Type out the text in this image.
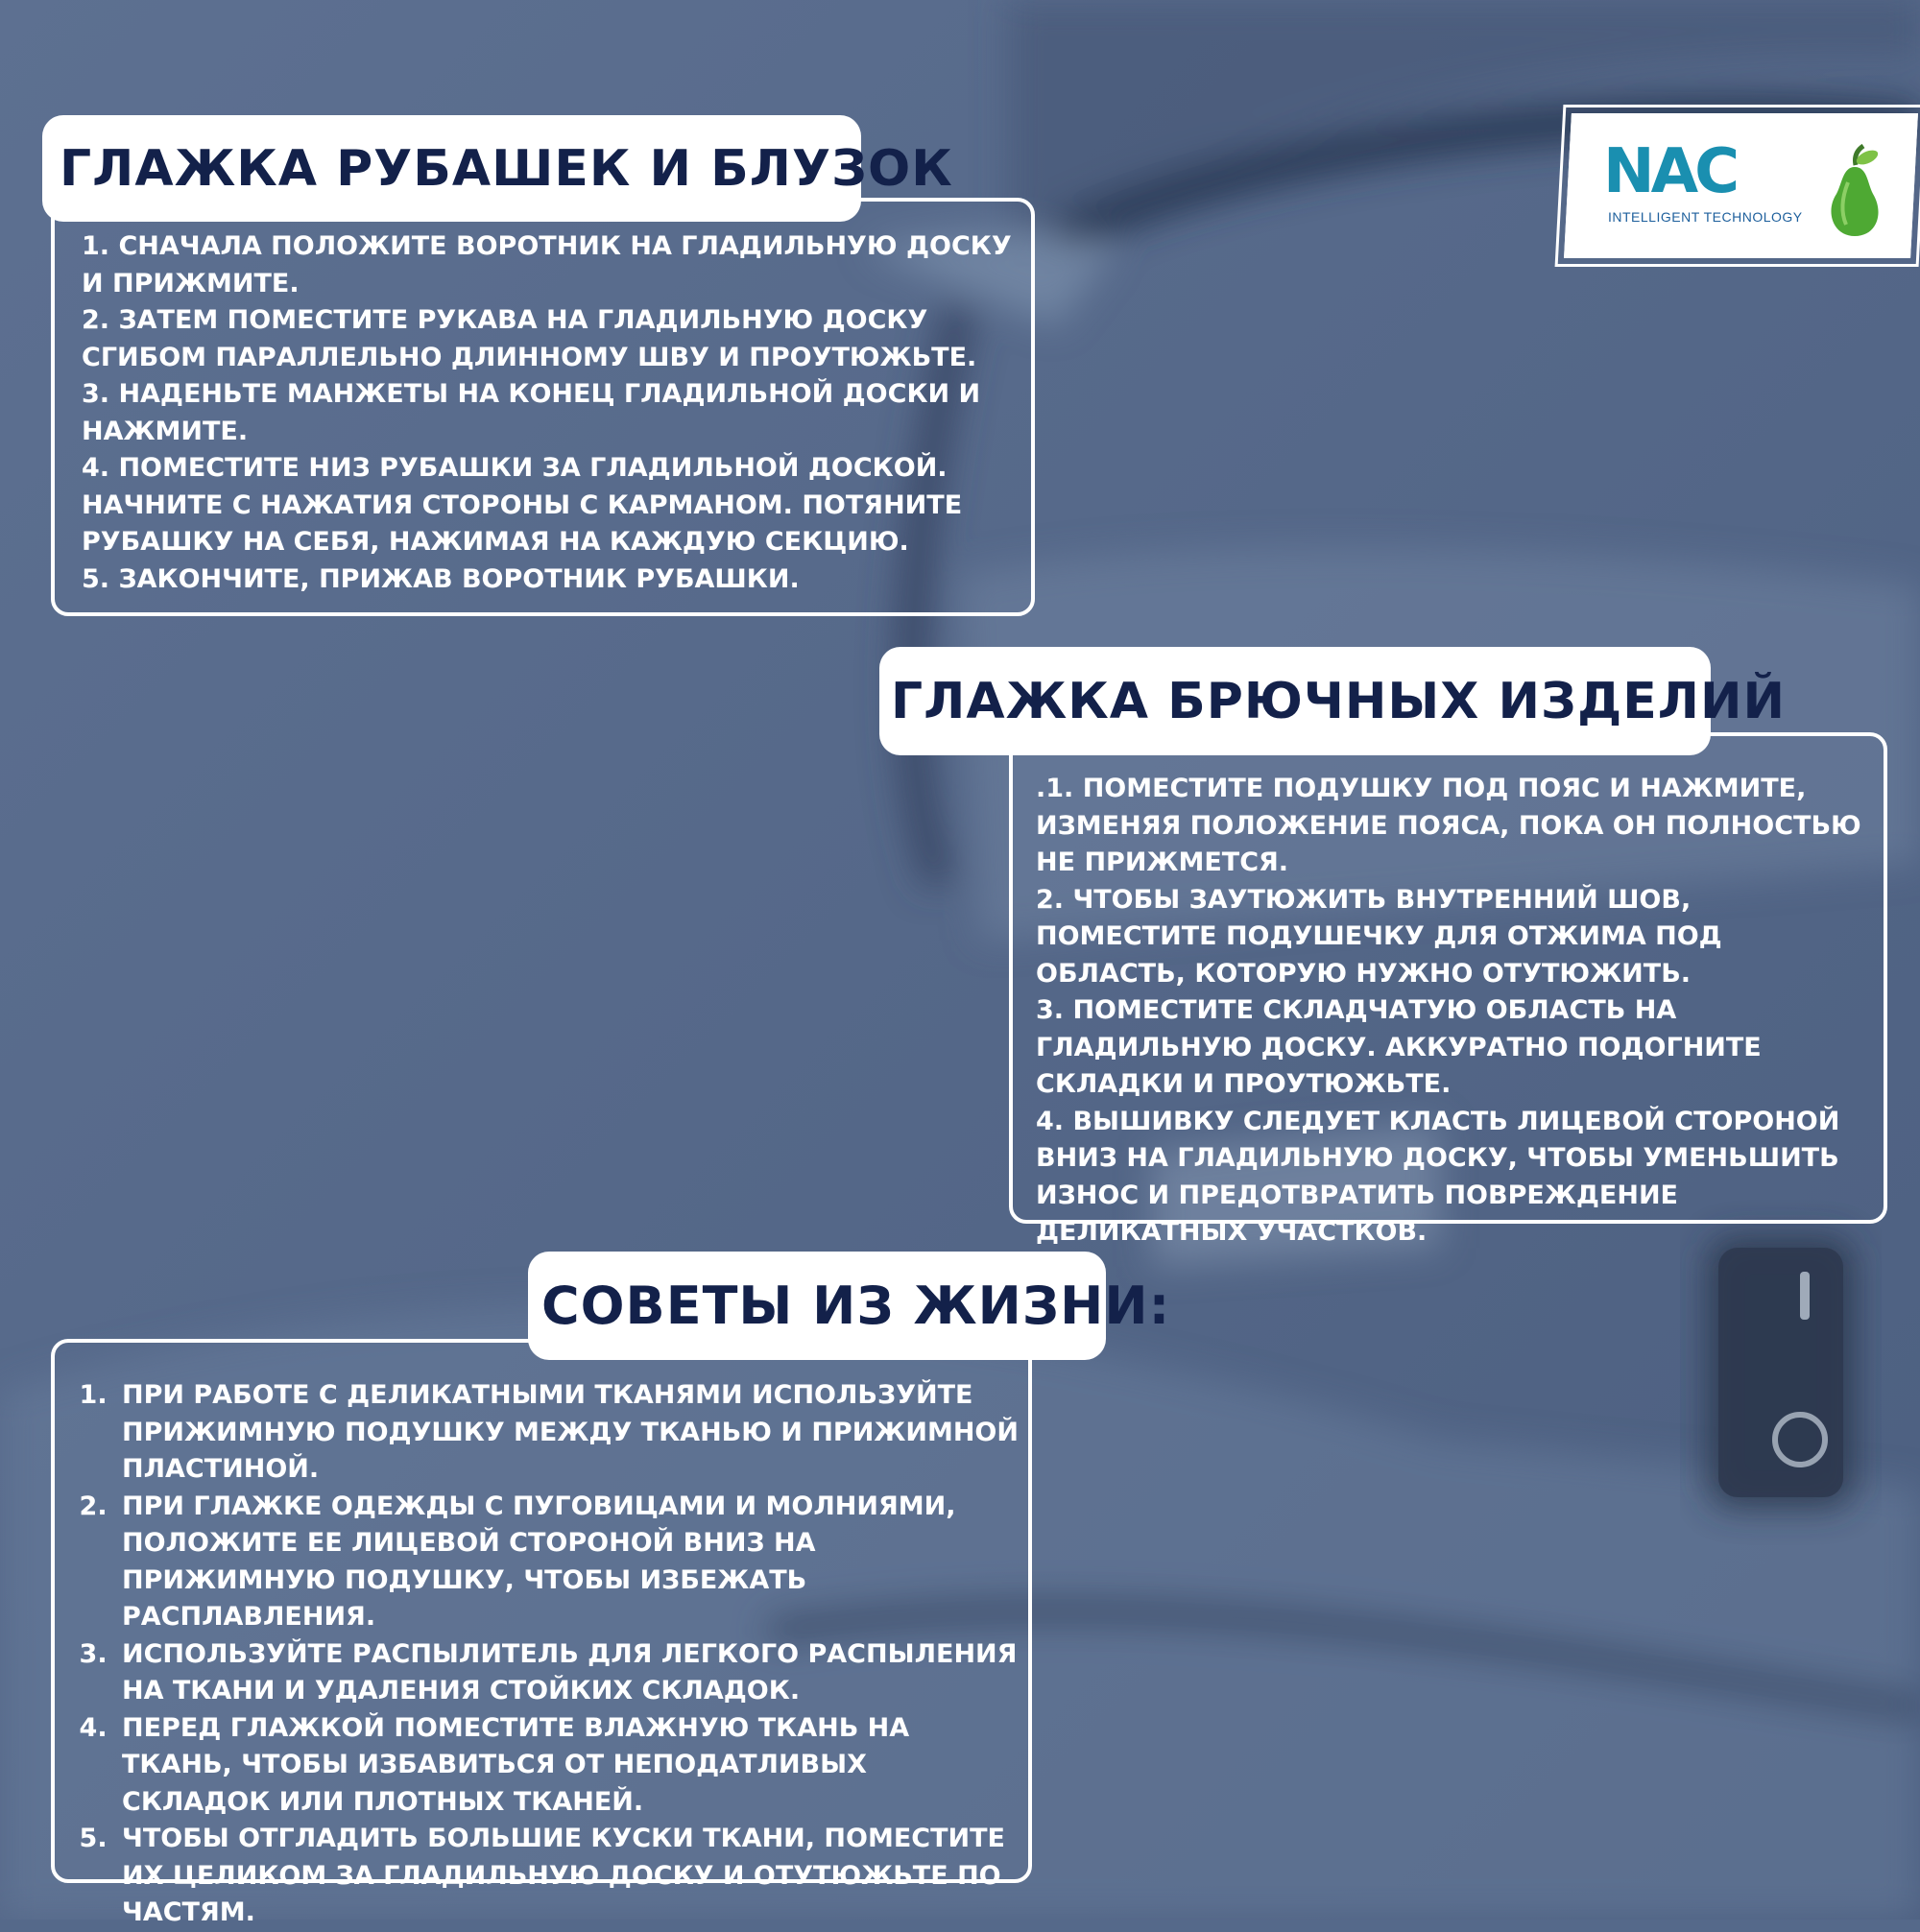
NAC
INTELLIGENT TECHNOLOGY

1. СНАЧАЛА ПОЛОЖИТЕ ВОРОТНИК НА ГЛАДИЛЬНУЮ ДОСКУ И ПРИЖМИТЕ.

2. ЗАТЕМ ПОМЕСТИТЕ РУКАВА НА ГЛАДИЛЬНУЮ ДОСКУ СГИБОМ ПАРАЛЛЕЛЬНО ДЛИННОМУ ШВУ И ПРОУТЮЖЬТЕ.

3. НАДЕНЬТЕ МАНЖЕТЫ НА КОНЕЦ ГЛАДИЛЬНОЙ ДОСКИ И НАЖМИТЕ.

4. ПОМЕСТИТЕ НИЗ РУБАШКИ ЗА ГЛАДИЛЬНОЙ ДОСКОЙ. НАЧНИТЕ С НАЖАТИЯ СТОРОНЫ С КАРМАНОМ. ПОТЯНИТЕ РУБАШКУ НА СЕБЯ, НАЖИМАЯ НА КАЖДУЮ СЕКЦИЮ.

5. ЗАКОНЧИТЕ, ПРИЖАВ ВОРОТНИК РУБАШКИ.

ГЛАЖКА РУБАШЕК И БЛУЗОК

.1. ПОМЕСТИТЕ ПОДУШКУ ПОД ПОЯС И НАЖМИТЕ, ИЗМЕНЯЯ ПОЛОЖЕНИЕ ПОЯСА, ПОКА ОН ПОЛНОСТЬЮ НЕ ПРИЖМЕТСЯ.

2. ЧТОБЫ ЗАУТЮЖИТЬ ВНУТРЕННИЙ ШОВ, ПОМЕСТИТЕ ПОДУШЕЧКУ ДЛЯ ОТЖИМА ПОД ОБЛАСТЬ, КОТОРУЮ НУЖНО ОТУТЮЖИТЬ.

3. ПОМЕСТИТЕ СКЛАДЧАТУЮ ОБЛАСТЬ НА ГЛАДИЛЬНУЮ ДОСКУ. АККУРАТНО ПОДОГНИТЕ СКЛАДКИ И ПРОУТЮЖЬТЕ.

4. ВЫШИВКУ СЛЕДУЕТ КЛАСТЬ ЛИЦЕВОЙ СТОРОНОЙ ВНИЗ НА ГЛАДИЛЬНУЮ ДОСКУ, ЧТОБЫ УМЕНЬШИТЬ ИЗНОС И ПРЕДОТВРАТИТЬ ПОВРЕЖДЕНИЕ ДЕЛИКАТНЫХ УЧАСТКОВ.

ГЛАЖКА БРЮЧНЫХ ИЗДЕЛИЙ
1. ПРИ РАБОТЕ С ДЕЛИКАТНЫМИ ТКАНЯМИ ИСПОЛЬЗУЙТЕ ПРИЖИМНУЮ ПОДУШКУ МЕЖДУ ТКАНЬЮ И ПРИЖИМНОЙ ПЛАСТИНОЙ.
2. ПРИ ГЛАЖКЕ ОДЕЖДЫ С ПУГОВИЦАМИ И МОЛНИЯМИ, ПОЛОЖИТЕ ЕЕ ЛИЦЕВОЙ СТОРОНОЙ ВНИЗ НА ПРИЖИМНУЮ ПОДУШКУ, ЧТОБЫ ИЗБЕЖАТЬ РАСПЛАВЛЕНИЯ.
3. ИСПОЛЬЗУЙТЕ РАСПЫЛИТЕЛЬ ДЛЯ ЛЕГКОГО РАСПЫЛЕНИЯ НА ТКАНИ И УДАЛЕНИЯ СТОЙКИХ СКЛАДОК.
4. ПЕРЕД ГЛАЖКОЙ ПОМЕСТИТЕ ВЛАЖНУЮ ТКАНЬ НА ТКАНЬ, ЧТОБЫ ИЗБАВИТЬСЯ ОТ НЕПОДАТЛИВЫХ СКЛАДОК ИЛИ ПЛОТНЫХ ТКАНЕЙ.
5. ЧТОБЫ ОТГЛАДИТЬ БОЛЬШИЕ КУСКИ ТКАНИ, ПОМЕСТИТЕ ИХ ЦЕЛИКОМ ЗА ГЛАДИЛЬНУЮ ДОСКУ И ОТУТЮЖЬТЕ ПО ЧАСТЯМ.
СОВЕТЫ ИЗ ЖИЗНИ:
